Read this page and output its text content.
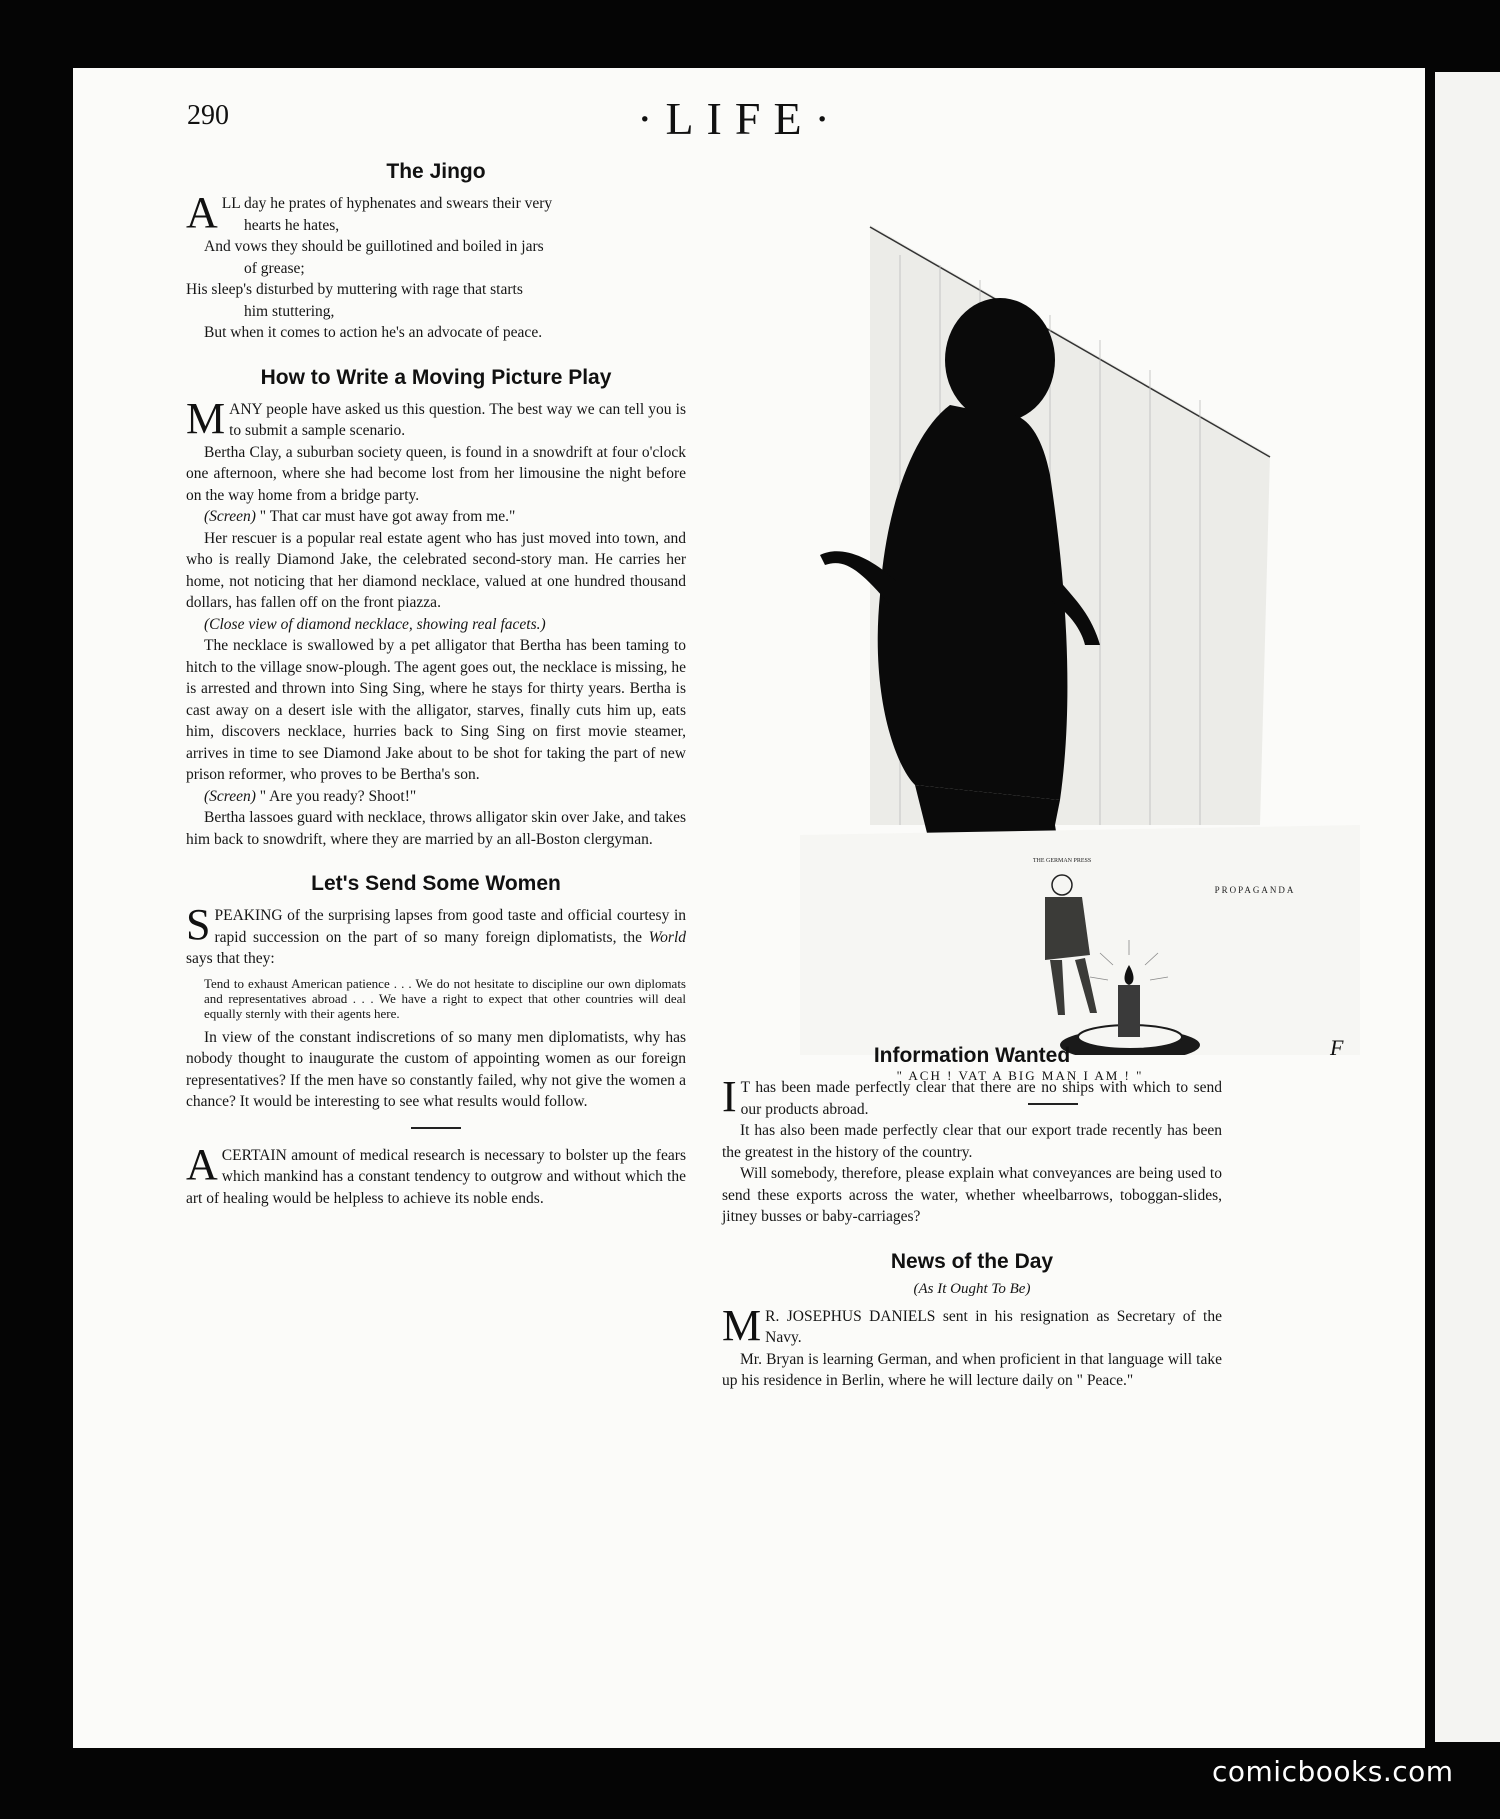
290	·LIFE·
The Jingo
A LL day he prates of hyphenates and swears their very

hearts he hates,

And vows they should be guillotined and boiled in jars

of grease;

His sleep's disturbed by muttering with rage that starts

him stuttering,

But when it comes to action he's an advocate of peace.

How to Write a Moving Picture Play

MANY people have asked us this question. The best way we can tell you is to submit a sample scenario.

Bertha Clay, a suburban society queen, is found in a snowdrift at four o'clock one afternoon, where she had become lost from her limousine the night before on the way home from a bridge party.

(Screen) " That car must have got away from me."

Her rescuer is a popular real estate agent who has just moved into town, and who is really Diamond Jake, the celebrated second-story man. He carries her home, not noticing that her diamond necklace, valued at one hundred thousand dollars, has fallen off on the front piazza.

(Close view of diamond necklace, showing real facets.)

The necklace is swallowed by a pet alligator that Bertha has been taming to hitch to the village snow-plough. The agent goes out, the necklace is missing, he is arrested and thrown into Sing Sing, where he stays for thirty years. Bertha is cast away on a desert isle with the alligator, starves, finally cuts him up, eats him, discovers necklace, hurries back to Sing Sing on first movie steamer, arrives in time to see Diamond Jake about to be shot for taking the part of new prison reformer, who proves to be Bertha's son.

(Screen) " Are you ready? Shoot!"

Bertha lassoes guard with necklace, throws alligator skin over Jake, and takes him back to snowdrift, where they are married by an all-Boston clergyman.

Let's Send Some Women

SPEAKING of the surprising lapses from good taste and official courtesy in rapid succession on the part of so many foreign diplomatists, the World says that they:

Tend to exhaust American patience . . . We do not hesitate to discipline our own diplomats and representatives abroad . . . We have a right to expect that other countries will deal equally sternly with their agents here.

In view of the constant indiscretions of so many men diplomatists, why has nobody thought to inaugurate the custom of appointing women as our foreign representatives? If the men have so constantly failed, why not give the women a chance? It would be interesting to see what results would follow.

ACERTAIN amount of medical research is necessary to bolster up the fears which mankind has a constant tendency to outgrow and without which the art of healing would be helpless to achieve its noble ends.

THE GERMAN PRESS
PROPAGANDA
F
" ACH ! VAT A BIG MAN I AM ! "
Information Wanted

I T has been made perfectly clear that there are no ships with which to send our products abroad.

It has also been made perfectly clear that our export trade recently has been the greatest in the history of the country.

Will somebody, therefore, please explain what conveyances are being used to send these exports across the water, whether wheelbarrows, toboggan-slides, jitney busses or baby-carriages?

News of the Day
(As It Ought To Be)

M R. JOSEPHUS DANIELS sent in his resignation as Secretary of the Navy.

Mr. Bryan is learning German, and when proficient in that language will take up his residence in Berlin, where he will lecture daily on " Peace."

comicbooks.com
